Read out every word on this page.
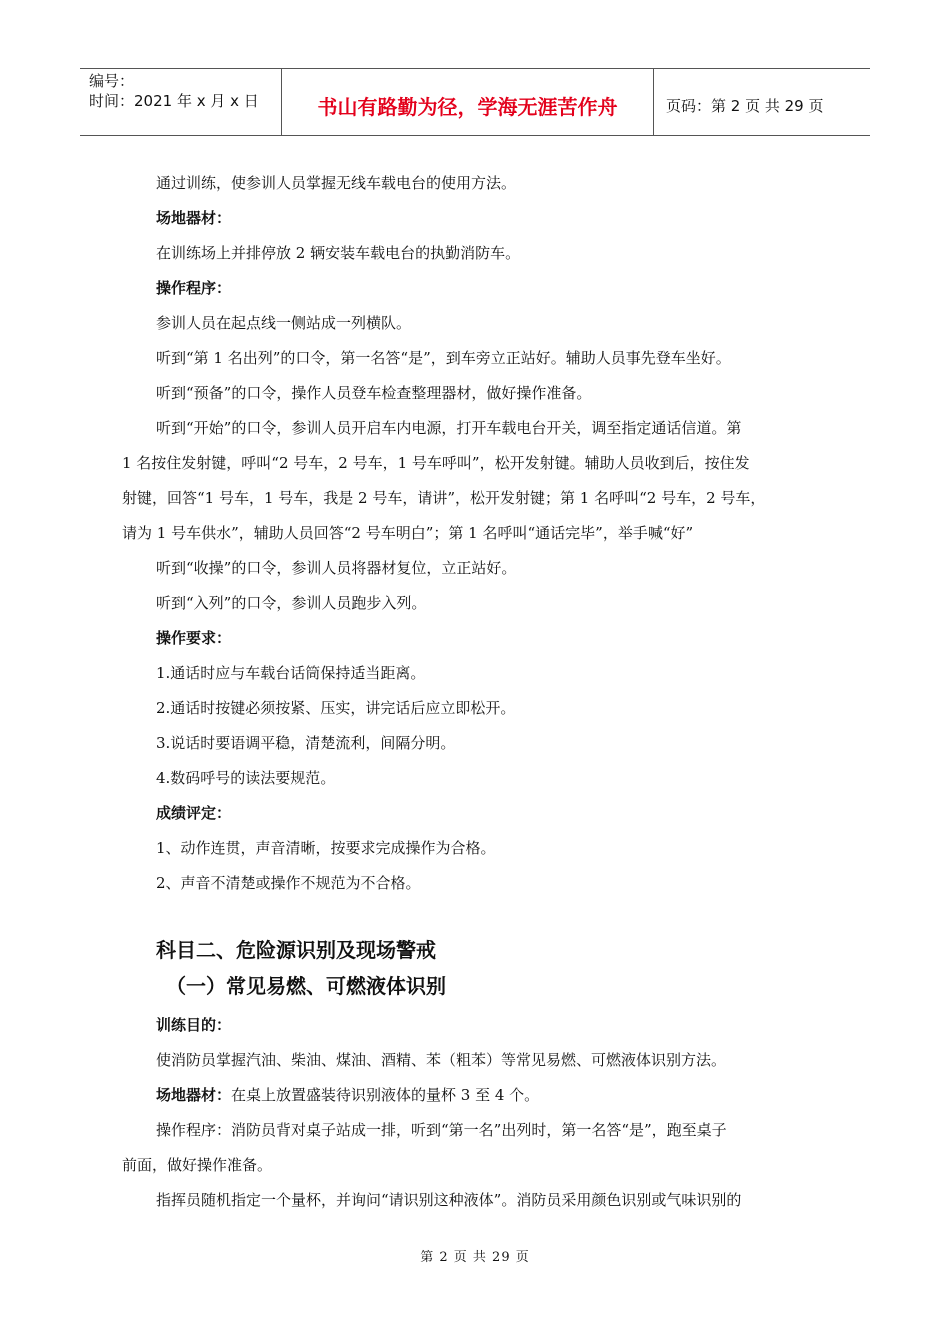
编号：
时间：2021 年 x 月 x 日	书山有路勤为径，学海无涯苦作舟	页码：第 2 页 共 29 页
通过训练，使参训人员掌握无线车载电台的使用方法。
场地器材：
在训练场上并排停放 2 辆安装车载电台的执勤消防车。
操作程序：
参训人员在起点线一侧站成一列横队。
听到“第 1 名出列”的口令，第一名答“是”，到车旁立正站好。辅助人员事先登车坐好。
听到“预备”的口令，操作人员登车检查整理器材，做好操作准备。
听到“开始”的口令，参训人员开启车内电源，打开车载电台开关，调至指定通话信道。第
1 名按住发射键，呼叫“2 号车，2 号车，1 号车呼叫”，松开发射键。辅助人员收到后，按住发
射键，回答“1 号车，1 号车，我是 2 号车，请讲”，松开发射键；第 1 名呼叫“2 号车，2 号车，
请为 1 号车供水”，辅助人员回答“2 号车明白”；第 1 名呼叫“通话完毕”，举手喊“好”
听到“收操”的口令，参训人员将器材复位，立正站好。
听到“入列”的口令，参训人员跑步入列。
操作要求：
1.通话时应与车载台话筒保持适当距离。
2.通话时按键必须按紧、压实，讲完话后应立即松开。
3.说话时要语调平稳，清楚流利，间隔分明。
4.数码呼号的读法要规范。
成绩评定：
1、动作连贯，声音清晰，按要求完成操作为合格。
2、声音不清楚或操作不规范为不合格。
科目二、危险源识别及现场警戒
（一）常见易燃、可燃液体识别
训练目的：
使消防员掌握汽油、柴油、煤油、酒精、苯（粗苯）等常见易燃、可燃液体识别方法。
场地器材：在桌上放置盛装待识别液体的量杯 3 至 4 个。
操作程序：消防员背对桌子站成一排，听到“第一名”出列时，第一名答“是”，跑至桌子
前面，做好操作准备。
指挥员随机指定一个量杯，并询问“请识别这种液体”。消防员采用颜色识别或气味识别的
第 2 页 共 29 页
